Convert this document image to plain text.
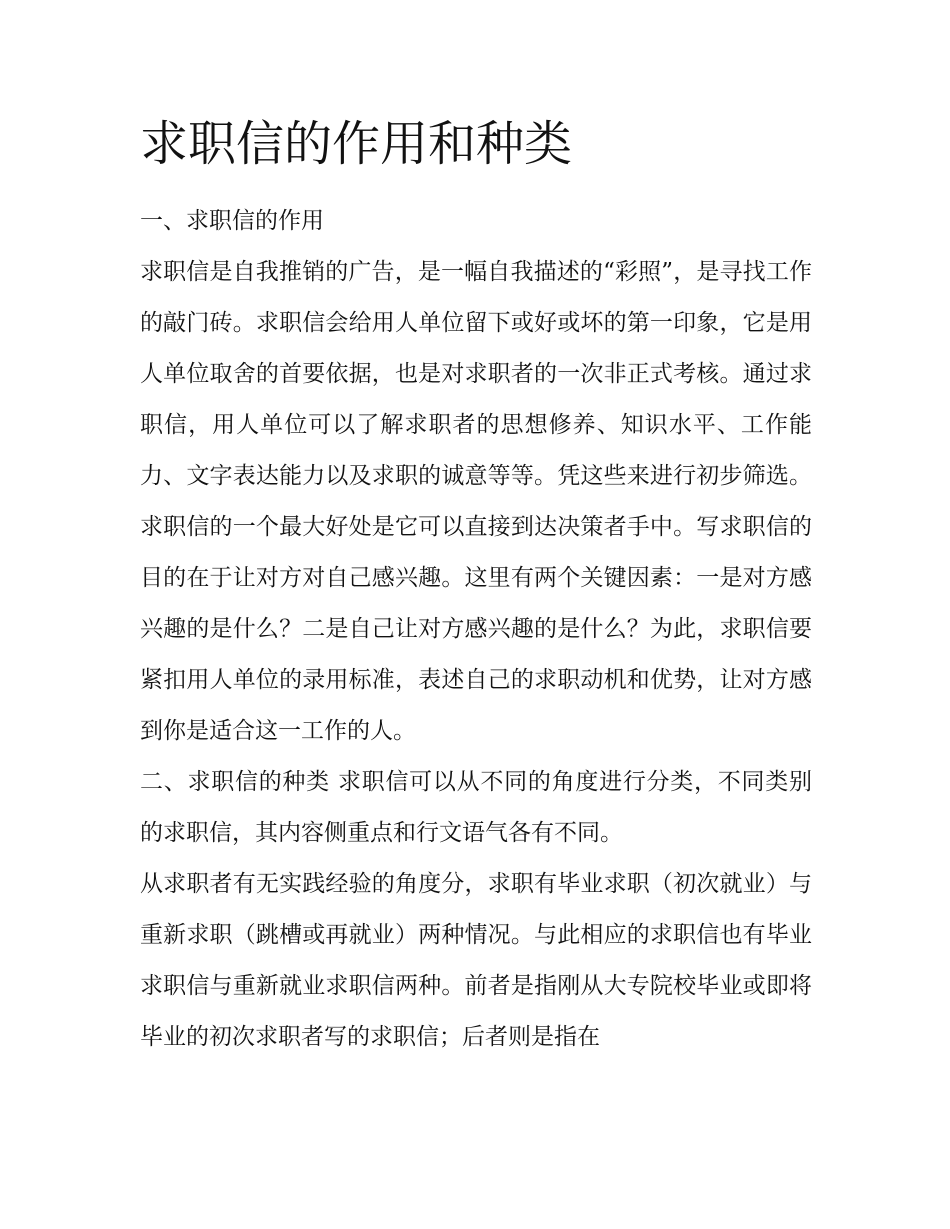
求职信的作用和种类

一、求职信的作用

求职信是自我推销的广告，是一幅自我描述的“彩照”，是寻找工作的敲门砖。求职信会给用人单位留下或好或坏的第一印象，它是用人单位取舍的首要依据，也是对求职者的一次非正式考核。通过求职信，用人单位可以了解求职者的思想修养、知识水平、工作能力、文字表达能力以及求职的诚意等等。凭这些来进行初步筛选。求职信的一个最大好处是它可以直接到达决策者手中。写求职信的目的在于让对方对自己感兴趣。这里有两个关键因素：一是对方感兴趣的是什么？二是自己让对方感兴趣的是什么？为此，求职信要紧扣用人单位的录用标准，表述自己的求职动机和优势，让对方感到你是适合这一工作的人。

二、求职信的种类 求职信可以从不同的角度进行分类，不同类别的求职信，其内容侧重点和行文语气各有不同。

从求职者有无实践经验的角度分，求职有毕业求职（初次就业）与重新求职（跳槽或再就业）两种情况。与此相应的求职信也有毕业求职信与重新就业求职信两种。前者是指刚从大专院校毕业或即将毕业的初次求职者写的求职信；后者则是指在
